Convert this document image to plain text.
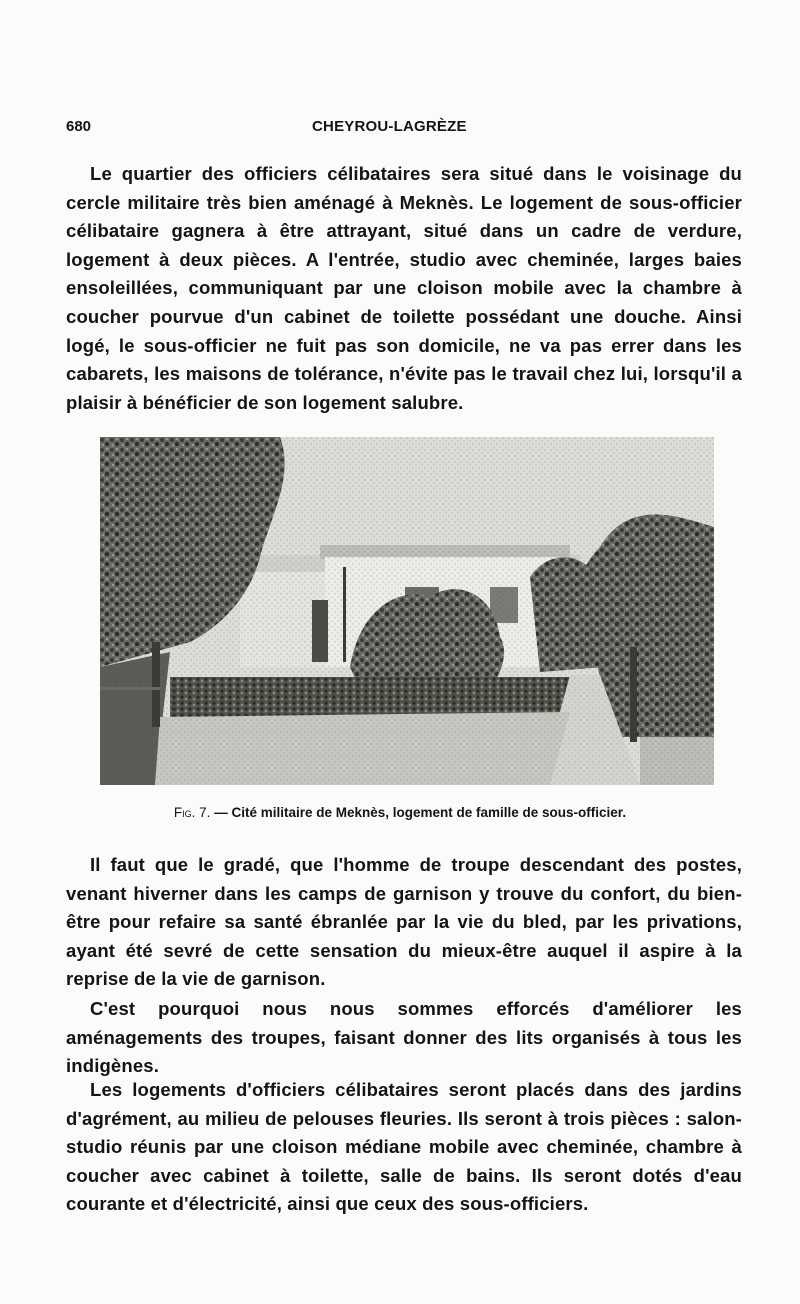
680	CHEYROU-LAGRÈZE

Le quartier des officiers célibataires sera situé dans le voisinage du cercle militaire très bien aménagé à Meknès. Le logement de sous-officier célibataire gagnera à être attrayant, situé dans un cadre de verdure, logement à deux pièces. A l'entrée, studio avec cheminée, larges baies ensoleillées, communiquant par une cloison mobile avec la chambre à coucher pourvue d'un cabinet de toilette possédant une douche. Ainsi logé, le sous-officier ne fuit pas son domicile, ne va pas errer dans les cabarets, les maisons de tolérance, n'évite pas le travail chez lui, lorsqu'il a plaisir à bénéficier de son logement salubre.

Fig. 7. — Cité militaire de Meknès, logement de famille de sous-officier.

Il faut que le gradé, que l'homme de troupe descendant des postes, venant hiverner dans les camps de garnison y trouve du confort, du bien-être pour refaire sa santé ébranlée par la vie du bled, par les privations, ayant été sevré de cette sensation du mieux-être auquel il aspire à la reprise de la vie de garnison.

C'est pourquoi nous nous sommes efforcés d'améliorer les aménagements des troupes, faisant donner des lits organisés à tous les indigènes.

Les logements d'officiers célibataires seront placés dans des jardins d'agrément, au milieu de pelouses fleuries. Ils seront à trois pièces : salon-studio réunis par une cloison médiane mobile avec cheminée, chambre à coucher avec cabinet à toilette, salle de bains. Ils seront dotés d'eau courante et d'électricité, ainsi que ceux des sous-officiers.
